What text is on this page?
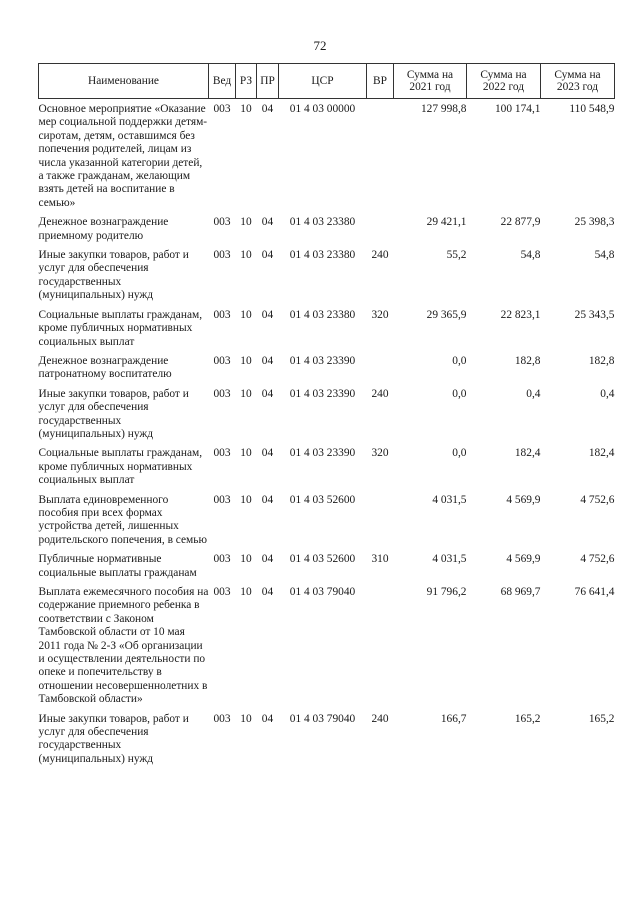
72
Наименование	Вед	РЗ	ПР	ЦСР	ВР	Сумма на 2021 год	Сумма на 2022 год	Сумма на 2023 год
Основное мероприятие «Оказание мер социальной поддержки детям-сиротам, детям, оставшимся без попечения родителей, лицам из числа указанной категории детей, а также гражданам, желающим взять детей на воспитание в семью»	003	10	04	01 4 03 00000		127 998,8	100 174,1	110 548,9
Денежное вознаграждение приемному родителю	003	10	04	01 4 03 23380		29 421,1	22 877,9	25 398,3
Иные закупки товаров, работ и услуг для обеспечения государственных (муниципальных) нужд	003	10	04	01 4 03 23380	240	55,2	54,8	54,8
Социальные выплаты гражданам, кроме публичных нормативных социальных выплат	003	10	04	01 4 03 23380	320	29 365,9	22 823,1	25 343,5
Денежное вознаграждение патронатному воспитателю	003	10	04	01 4 03 23390		0,0	182,8	182,8
Иные закупки товаров, работ и услуг для обеспечения государственных (муниципальных) нужд	003	10	04	01 4 03 23390	240	0,0	0,4	0,4
Социальные выплаты гражданам, кроме публичных нормативных социальных выплат	003	10	04	01 4 03 23390	320	0,0	182,4	182,4
Выплата единовременного пособия при всех формах устройства детей, лишенных родительского попечения, в семью	003	10	04	01 4 03 52600		4 031,5	4 569,9	4 752,6
Публичные нормативные социальные выплаты гражданам	003	10	04	01 4 03 52600	310	4 031,5	4 569,9	4 752,6
Выплата ежемесячного пособия на содержание приемного ребенка в соответствии с Законом Тамбовской области от 10 мая 2011 года № 2-З «Об организации и осуществлении деятельности по опеке и попечительству в отношении несовершеннолетних в Тамбовской области»	003	10	04	01 4 03 79040		91 796,2	68 969,7	76 641,4
Иные закупки товаров, работ и услуг для обеспечения государственных (муниципальных) нужд	003	10	04	01 4 03 79040	240	166,7	165,2	165,2
